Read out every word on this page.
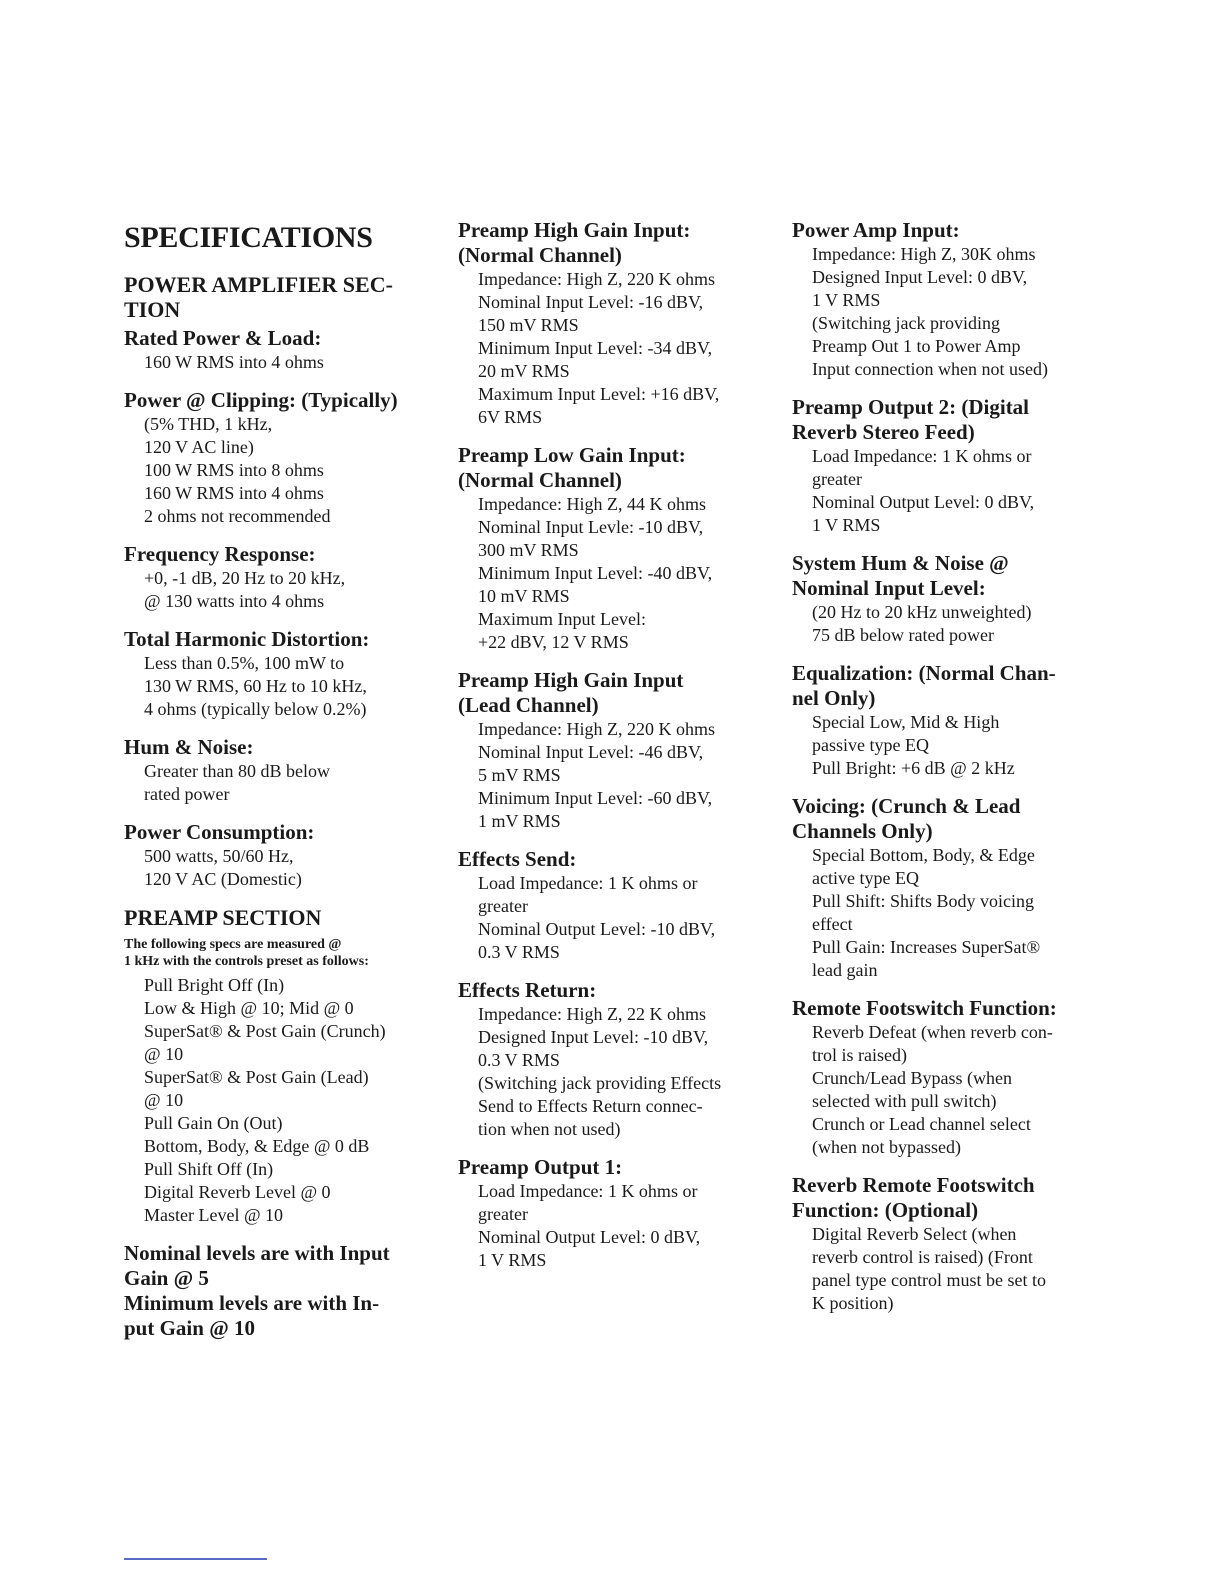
SPECIFICATIONS
POWER AMPLIFIER SEC-
TION
Rated Power & Load:
160 W RMS into 4 ohms
Power @ Clipping: (Typically)
(5% THD, 1 kHz,
120 V AC line)
100 W RMS into 8 ohms
160 W RMS into 4 ohms
2 ohms not recommended
Frequency Response:
+0, -1 dB, 20 Hz to 20 kHz,
@ 130 watts into 4 ohms
Total Harmonic Distortion:
Less than 0.5%, 100 mW to
130 W RMS, 60 Hz to 10 kHz,
4 ohms (typically below 0.2%)
Hum & Noise:
Greater than 80 dB below
rated power
Power Consumption:
500 watts, 50/60 Hz,
120 V AC (Domestic)
PREAMP SECTION
The following specs are measured @
1 kHz with the controls preset as follows:
Pull Bright Off (In)
Low & High @ 10; Mid @ 0
SuperSat® & Post Gain (Crunch)
@ 10
SuperSat® & Post Gain (Lead)
@ 10
Pull Gain On (Out)
Bottom, Body, & Edge @ 0 dB
Pull Shift Off (In)
Digital Reverb Level @ 0
Master Level @ 10
Nominal levels are with Input
Gain @ 5
Minimum levels are with In-
put Gain @ 10
Preamp High Gain Input:
(Normal Channel)
Impedance: High Z, 220 K ohms
Nominal Input Level: -16 dBV,
150 mV RMS
Minimum Input Level: -34 dBV,
20 mV RMS
Maximum Input Level: +16 dBV,
6V RMS
Preamp Low Gain Input:
(Normal Channel)
Impedance: High Z, 44 K ohms
Nominal Input Levle: -10 dBV,
300 mV RMS
Minimum Input Level: -40 dBV,
10 mV RMS
Maximum Input Level:
+22 dBV, 12 V RMS
Preamp High Gain Input
(Lead Channel)
Impedance: High Z, 220 K ohms
Nominal Input Level: -46 dBV,
5 mV RMS
Minimum Input Level: -60 dBV,
1 mV RMS
Effects Send:
Load Impedance: 1 K ohms or
greater
Nominal Output Level: -10 dBV,
0.3 V RMS
Effects Return:
Impedance: High Z, 22 K ohms
Designed Input Level: -10 dBV,
0.3 V RMS
(Switching jack providing Effects
Send to Effects Return connec-
tion when not used)
Preamp Output 1:
Load Impedance: 1 K ohms or
greater
Nominal Output Level: 0 dBV,
1 V RMS
Power Amp Input:
Impedance: High Z, 30K ohms
Designed Input Level: 0 dBV,
1 V RMS
(Switching jack providing
Preamp Out 1 to Power Amp
Input connection when not used)
Preamp Output 2: (Digital
Reverb Stereo Feed)
Load Impedance: 1 K ohms or
greater
Nominal Output Level: 0 dBV,
1 V RMS
System Hum & Noise @
Nominal Input Level:
(20 Hz to 20 kHz unweighted)
75 dB below rated power
Equalization: (Normal Chan-
nel Only)
Special Low, Mid & High
passive type EQ
Pull Bright: +6 dB @ 2 kHz
Voicing: (Crunch & Lead
Channels Only)
Special Bottom, Body, & Edge
active type EQ
Pull Shift: Shifts Body voicing
effect
Pull Gain: Increases SuperSat®
lead gain
Remote Footswitch Function:
Reverb Defeat (when reverb con-
trol is raised)
Crunch/Lead Bypass (when
selected with pull switch)
Crunch or Lead channel select
(when not bypassed)
Reverb Remote Footswitch
Function: (Optional)
Digital Reverb Select (when
reverb control is raised) (Front
panel type control must be set to
K position)
